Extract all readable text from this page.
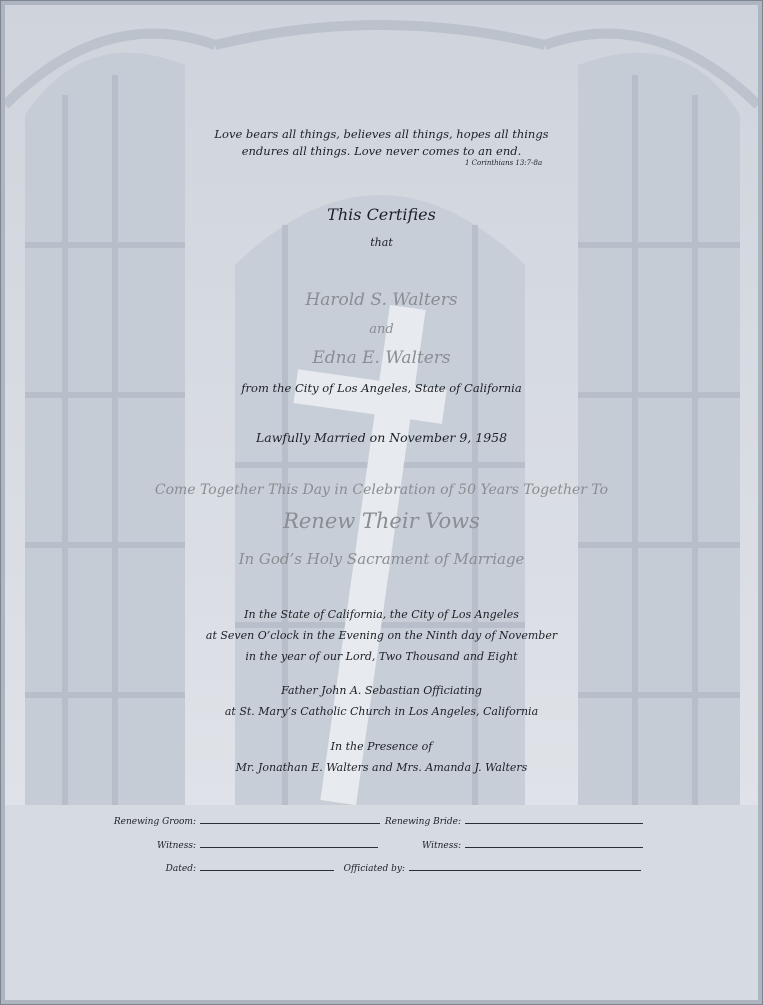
Love bears all things, believes all things, hopes all things
endures all things. Love never comes to an end.
1 Corinthians 13:7-8a
This Certifies
that
Harold S. Walters
and
Edna E. Walters
from the City of Los Angeles, State of California
Lawfully Married on November 9, 1958
Come Together This Day in Celebration of 50 Years Together To
Renew Their Vows
In God’s Holy Sacrament of Marriage
In the State of California, the City of Los Angeles
at Seven O’clock in the Evening on the Ninth day of November
in the year of our Lord, Two Thousand and Eight
Father John A. Sebastian Officiating
at St. Mary’s Catholic Church in Los Angeles, California
In the Presence of
Mr. Jonathan E. Walters and Mrs. Amanda J. Walters
Renewing Groom:	Renewing Bride:
Witness:	Witness:
Dated:	Officiated by:
